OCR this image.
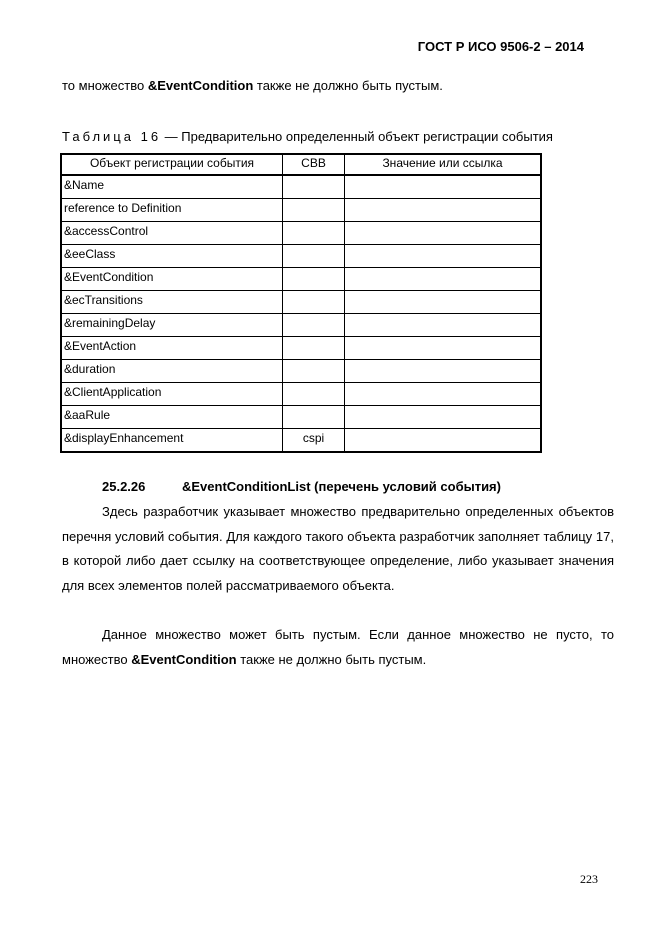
ГОСТ Р ИСО 9506-2 – 2014
то множество &EventCondition также не должно быть пустым.
Таблица 16 — Предварительно определенный объект регистрации события
Объект регистрации события	СВВ	Значение или ссылка
&Name		
reference to Definition		
&accessControl		
&eeClass		
&EventCondition		
&ecTransitions		
&remainingDelay		
&EventAction		
&duration		
&ClientApplication		
&aaRule		
&displayEnhancement	cspi	
25.2.26	&EventConditionList (перечень условий события)
Здесь разработчик указывает множество предварительно определенных объектов перечня условий события. Для каждого такого объекта разработчик заполняет таблицу 17, в которой либо дает ссылку на соответствующее определение, либо указывает значения для всех элементов полей рассматриваемого объекта.
Данное множество может быть пустым. Если данное множество не пусто, то множество &EventCondition также не должно быть пустым.
223
